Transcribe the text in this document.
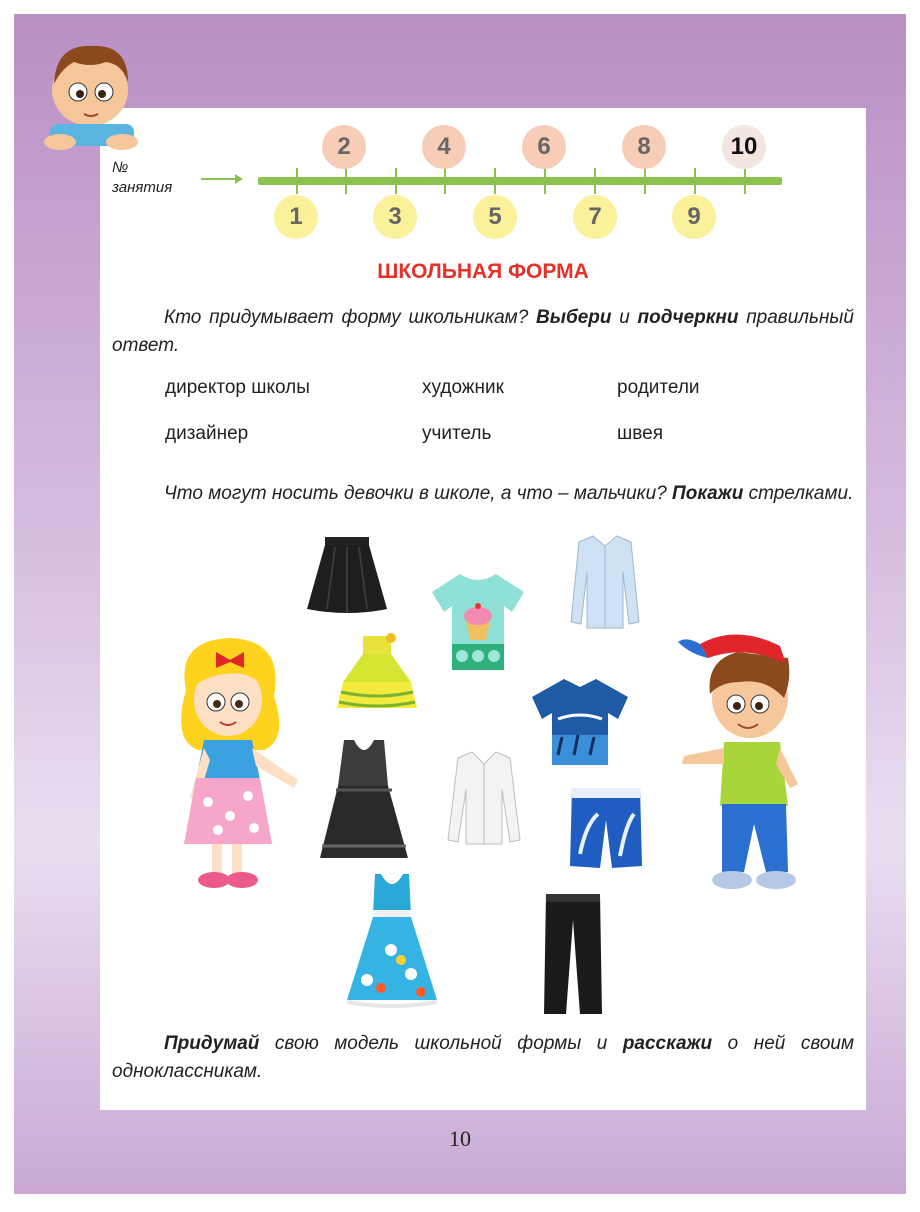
№
занятия
2	4	6	8	10
1	3	5	7	9
ШКОЛЬНАЯ ФОРМА
Кто придумывает форму школьникам? Выбери и подчеркни правильный ответ.
директор школы	художник	родители
дизайнер	учитель	швея
Что могут носить девочки в школе, а что – мальчики? Покажи стрелками.
Придумай свою модель школьной формы и расскажи о ней своим одноклассникам.
10
